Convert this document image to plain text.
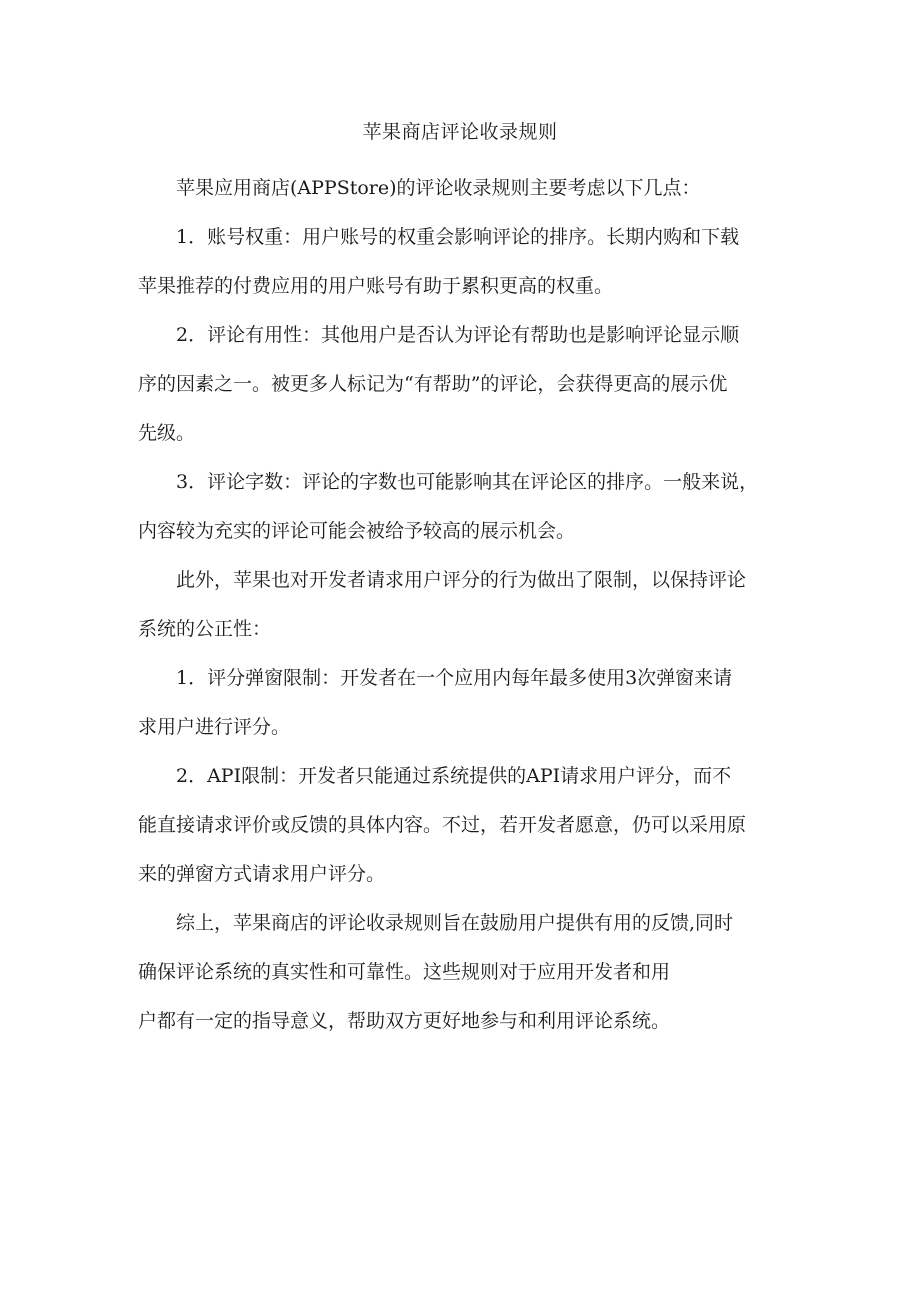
苹果商店评论收录规则
苹果应用商店(APPStore)的评论收录规则主要考虑以下几点：
1．账号权重：用户账号的权重会影响评论的排序。长期内购和下载
苹果推荐的付费应用的用户账号有助于累积更高的权重。
2．评论有用性：其他用户是否认为评论有帮助也是影响评论显示顺
序的因素之一。被更多人标记为“有帮助”的评论，会获得更高的展示优
先级。
3．评论字数：评论的字数也可能影响其在评论区的排序。一般来说，
内容较为充实的评论可能会被给予较高的展示机会。
此外，苹果也对开发者请求用户评分的行为做出了限制，以保持评论
系统的公正性：
1．评分弹窗限制：开发者在一个应用内每年最多使用3次弹窗来请
求用户进行评分。
2．API限制：开发者只能通过系统提供的API请求用户评分，而不
能直接请求评价或反馈的具体内容。不过，若开发者愿意，仍可以采用原
来的弹窗方式请求用户评分。
综上，苹果商店的评论收录规则旨在鼓励用户提供有用的反馈,同时
确保评论系统的真实性和可靠性。这些规则对于应用开发者和用
户都有一定的指导意义，帮助双方更好地参与和利用评论系统。
